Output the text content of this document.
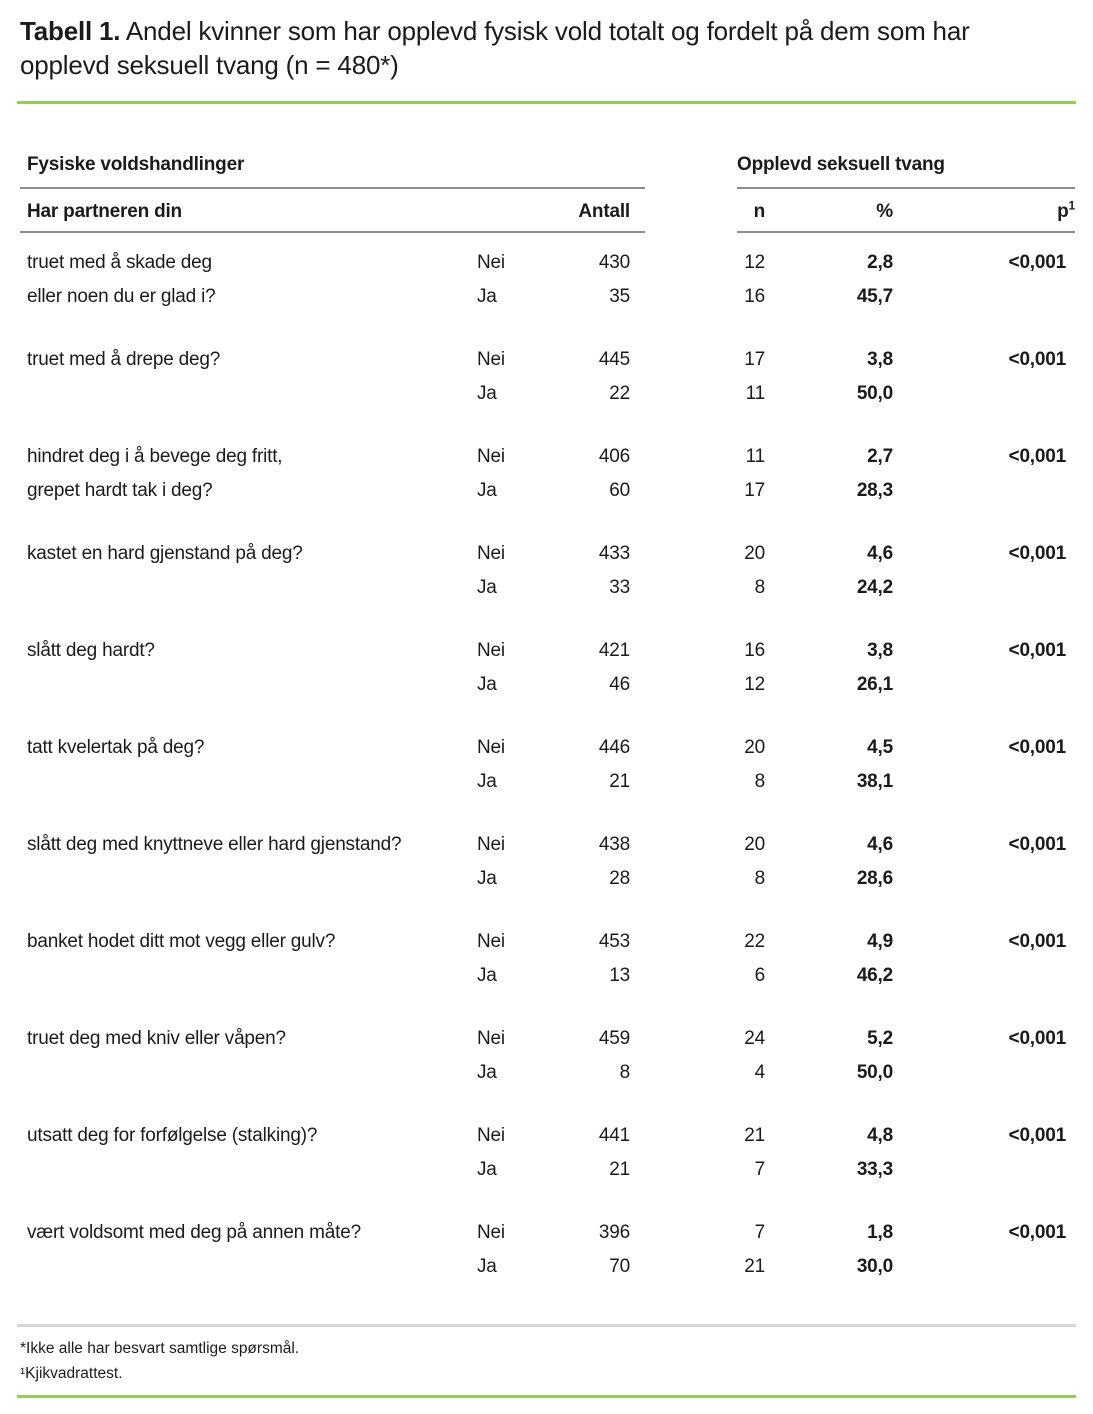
Tabell 1. Andel kvinner som har opplevd fysisk vold totalt og fordelt på dem som har opplevd seksuell tvang (n = 480*)
Fysiske voldshandlinger	Opplevd seksuell tvang
Har partneren din	Antall	n	%	$p^1$
truet med å skade deg	Nei	430	12	2,8	<0,001
eller noen du er glad i?	Ja	35	16	45,7
truet med å drepe deg?	Nei	445	17	3,8	<0,001
Ja	22	11	50,0
hindret deg i å bevege deg fritt,	Nei	406	11	2,7	<0,001
grepet hardt tak i deg?	Ja	60	17	28,3
kastet en hard gjenstand på deg?	Nei	433	20	4,6	<0,001
Ja	33	8	24,2
slått deg hardt?	Nei	421	16	3,8	<0,001
Ja	46	12	26,1
tatt kvelertak på deg?	Nei	446	20	4,5	<0,001
Ja	21	8	38,1
slått deg med knyttneve eller hard gjenstand?	Nei	438	20	4,6	<0,001
Ja	28	8	28,6
banket hodet ditt mot vegg eller gulv?	Nei	453	22	4,9	<0,001
Ja	13	6	46,2
truet deg med kniv eller våpen?	Nei	459	24	5,2	<0,001
Ja	8	4	50,0
utsatt deg for forfølgelse (stalking)?	Nei	441	21	4,8	<0,001
Ja	21	7	33,3
vært voldsomt med deg på annen måte?	Nei	396	7	1,8	<0,001
Ja	70	21	30,0
*Ikke alle har besvart samtlige spørsmål.
¹Kjikvadrattest.
